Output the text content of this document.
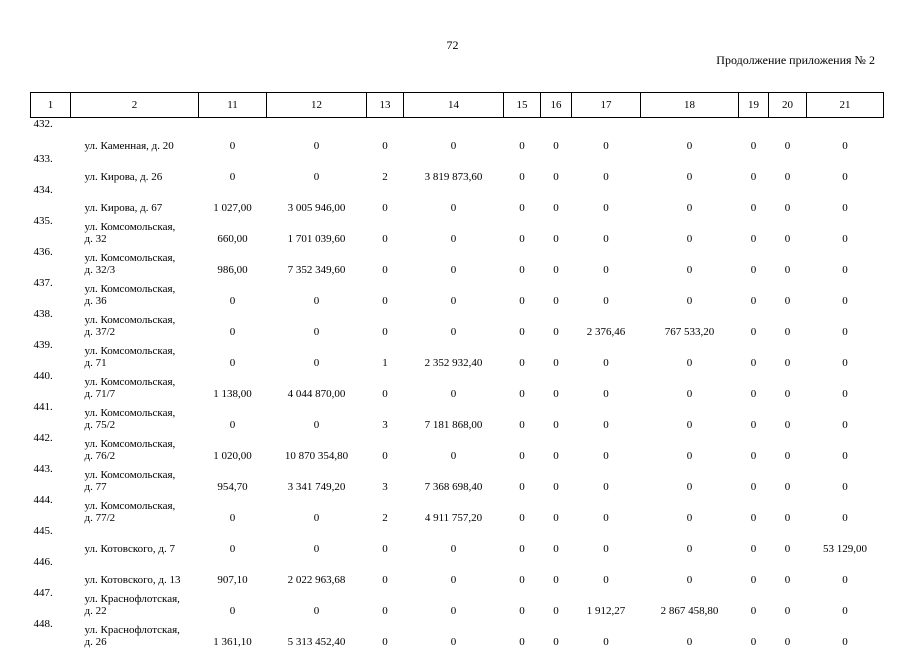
72
Продолжение приложения № 2
1	2	11	12	13	14	15	16	17	18	19	20	21
432.	ул. Каменная, д. 20	0	0	0	0	0	0	0	0	0	0	0
433.	ул. Кирова, д. 26	0	0	2	3 819 873,60	0	0	0	0	0	0	0
434.	ул. Кирова, д. 67	1 027,00	3 005 946,00	0	0	0	0	0	0	0	0	0
435.	ул. Комсомольская,
д. 32	660,00	1 701 039,60	0	0	0	0	0	0	0	0	0
436.	ул. Комсомольская,
д. 32/3	986,00	7 352 349,60	0	0	0	0	0	0	0	0	0
437.	ул. Комсомольская,
д. 36	0	0	0	0	0	0	0	0	0	0	0
438.	ул. Комсомольская,
д. 37/2	0	0	0	0	0	0	2 376,46	767 533,20	0	0	0
439.	ул. Комсомольская,
д. 71	0	0	1	2 352 932,40	0	0	0	0	0	0	0
440.	ул. Комсомольская,
д. 71/7	1 138,00	4 044 870,00	0	0	0	0	0	0	0	0	0
441.	ул. Комсомольская,
д. 75/2	0	0	3	7 181 868,00	0	0	0	0	0	0	0
442.	ул. Комсомольская,
д. 76/2	1 020,00	10 870 354,80	0	0	0	0	0	0	0	0	0
443.	ул. Комсомольская,
д. 77	954,70	3 341 749,20	3	7 368 698,40	0	0	0	0	0	0	0
444.	ул. Комсомольская,
д. 77/2	0	0	2	4 911 757,20	0	0	0	0	0	0	0
445.	ул. Котовского, д. 7	0	0	0	0	0	0	0	0	0	0	53 129,00
446.	ул. Котовского, д. 13	907,10	2 022 963,68	0	0	0	0	0	0	0	0	0
447.	ул. Краснофлотская,
д. 22	0	0	0	0	0	0	1 912,27	2 867 458,80	0	0	0
448.	ул. Краснофлотская,
д. 26	1 361,10	5 313 452,40	0	0	0	0	0	0	0	0	0
